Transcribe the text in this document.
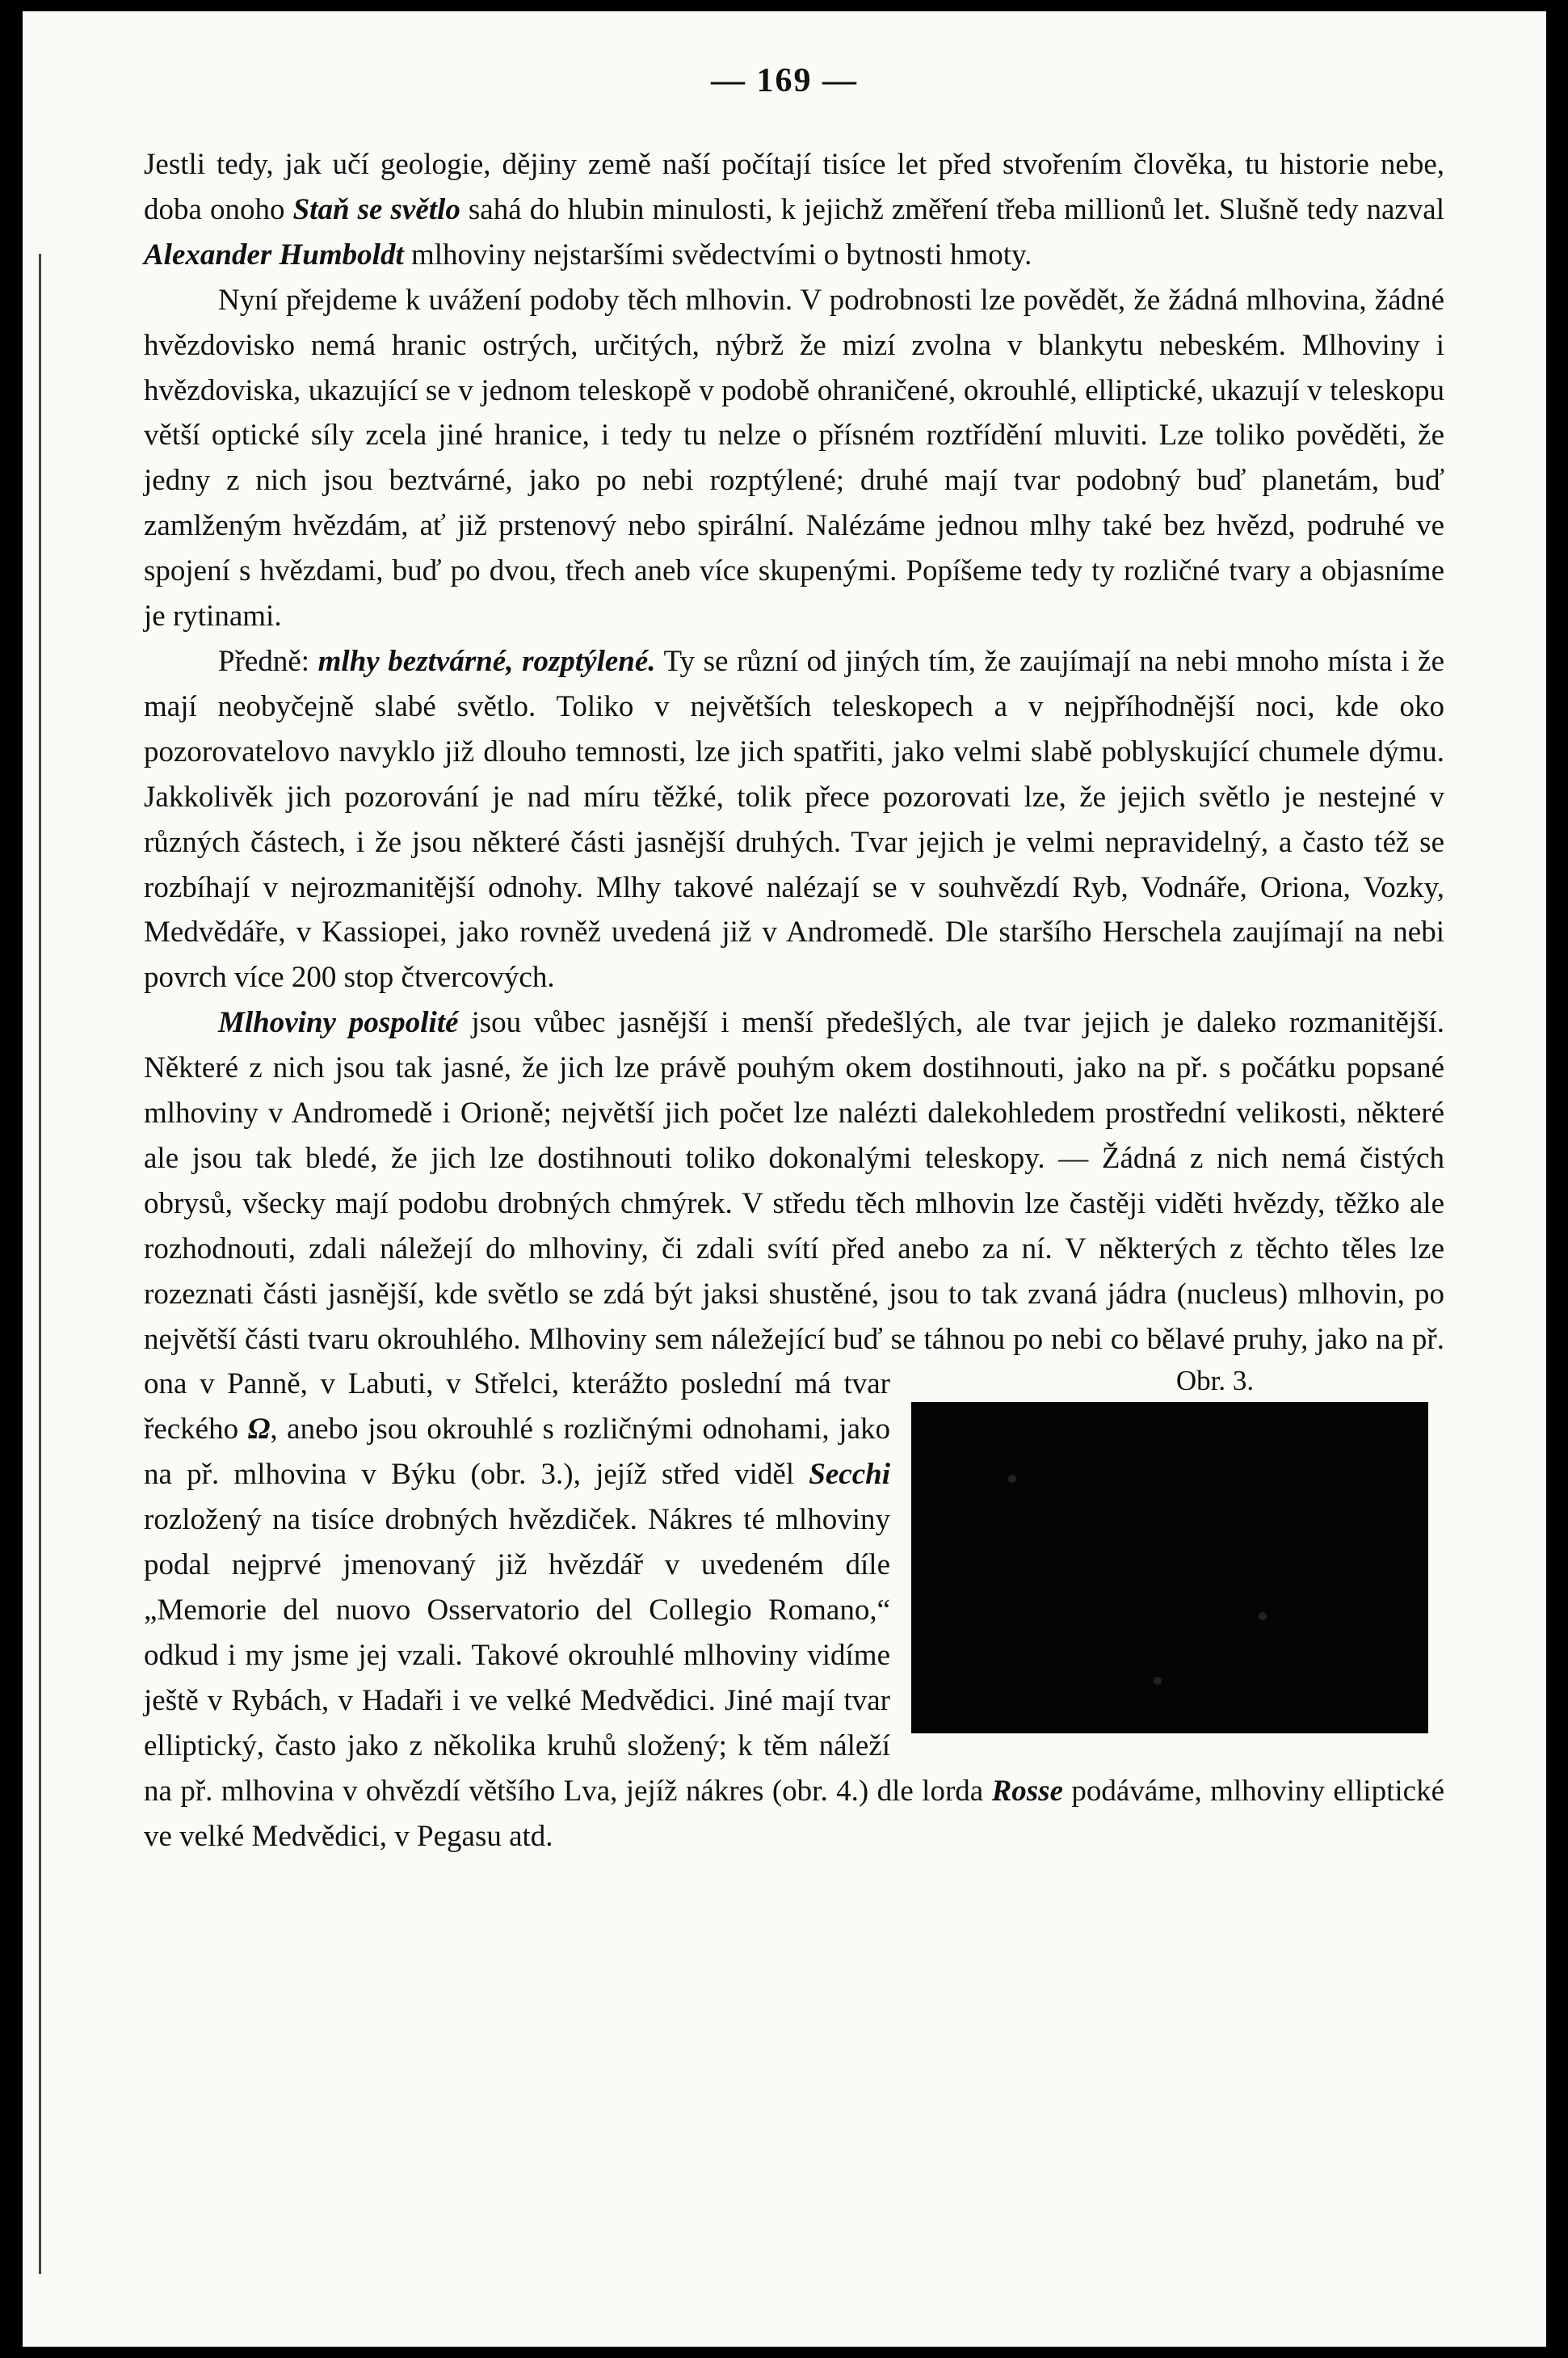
— 169 —

Jestli tedy, jak učí geologie, dějiny země naší počítají tisíce let před stvořením člověka, tu historie nebe, doba onoho Staň se světlo sahá do hlubin minulosti, k jejichž změření třeba millionů let. Slušně tedy nazval Alexander Humboldt mlhoviny nejstaršími svědectvími o bytnosti hmoty.

Nyní přejdeme k uvážení podoby těch mlhovin. V podrobnosti lze povědět, že žádná mlhovina, žádné hvězdovisko nemá hranic ostrých, určitých, nýbrž že mizí zvolna v blankytu nebeském. Mlhoviny i hvězdoviska, ukazující se v jednom teleskopě v podobě ohraničené, okrouhlé, elliptické, ukazují v teleskopu větší optické síly zcela jiné hranice, i tedy tu nelze o přísném roztřídění mluviti. Lze toliko pověděti, že jedny z nich jsou beztvárné, jako po nebi rozptýlené; druhé mají tvar podobný buď planetám, buď zamlženým hvězdám, ať již prstenový nebo spirální. Nalézáme jednou mlhy také bez hvězd, podruhé ve spojení s hvězdami, buď po dvou, třech aneb více skupenými. Popíšeme tedy ty rozličné tvary a objasníme je rytinami.

Předně: mlhy beztvárné, rozptýlené. Ty se různí od jiných tím, že zaujímají na nebi mnoho místa i že mají neobyčejně slabé světlo. Toliko v největších teleskopech a v nejpříhodnější noci, kde oko pozorovatelovo navyklo již dlouho temnosti, lze jich spatřiti, jako velmi slabě poblyskující chumele dýmu. Jakkolivěk jich pozorování je nad míru těžké, tolik přece pozorovati lze, že jejich světlo je nestejné v různých částech, i že jsou některé části jasnější druhých. Tvar jejich je velmi nepravidelný, a často též se rozbíhají v nejrozmanitější odnohy. Mlhy takové nalézají se v souhvězdí Ryb, Vodnáře, Oriona, Vozky, Medvědáře, v Kassiopei, jako rovněž uvedená již v Andromedě. Dle staršího Herschela zaujímají na nebi povrch více 200 stop čtvercových.

Mlhoviny pospolité jsou vůbec jasnější i menší předešlých, ale tvar jejich je daleko rozmanitější. Některé z nich jsou tak jasné, že jich lze právě pouhým okem dostihnouti, jako na př. s počátku popsané mlhoviny v Andromedě i Orioně; největší jich počet lze nalézti dalekohledem prostřední velikosti, některé ale jsou tak bledé, že jich lze dostihnouti toliko dokonalými teleskopy. — Žádná z nich nemá čistých obrysů, všecky mají podobu drobných chmýrek. V středu těch mlhovin lze častěji viděti hvězdy, těžko ale rozhodnouti, zdali náležejí do mlhoviny, či zdali svítí před anebo za ní. V některých z těchto těles lze rozeznati části jasnější, kde světlo se zdá být jaksi shustěné, jsou to tak zvaná jádra (nucleus) mlhovin, po největší části tvaru okrouhlého. Mlhoviny sem náležející buď se táhnou po nebi co bělavé pruhy, jako
Obr. 3.
na př. ona v Panně, v Labuti, v Střelci, kterážto poslední má tvar řeckého Ω, anebo jsou okrouhlé s rozličnými odnohami, jako na př. mlhovina v Býku (obr. 3.), jejíž střed viděl Secchi rozložený na tisíce drobných hvězdiček. Nákres té mlhoviny podal nejprvé jmenovaný již hvězdář v uvedeném díle „Memorie del nuovo Osservatorio del Collegio Romano,“ odkud i my jsme jej vzali. Takové okrouhlé mlhoviny vidíme ještě v Rybách, v Hadaři i ve velké Medvědici. Jiné mají tvar elliptický, často jako z několika kruhů složený; k těm náleží na př. mlhovina v ohvězdí většího Lva, jejíž nákres (obr. 4.) dle lorda Rosse podáváme, mlhoviny elliptické ve velké Medvědici, v Pegasu atd.
